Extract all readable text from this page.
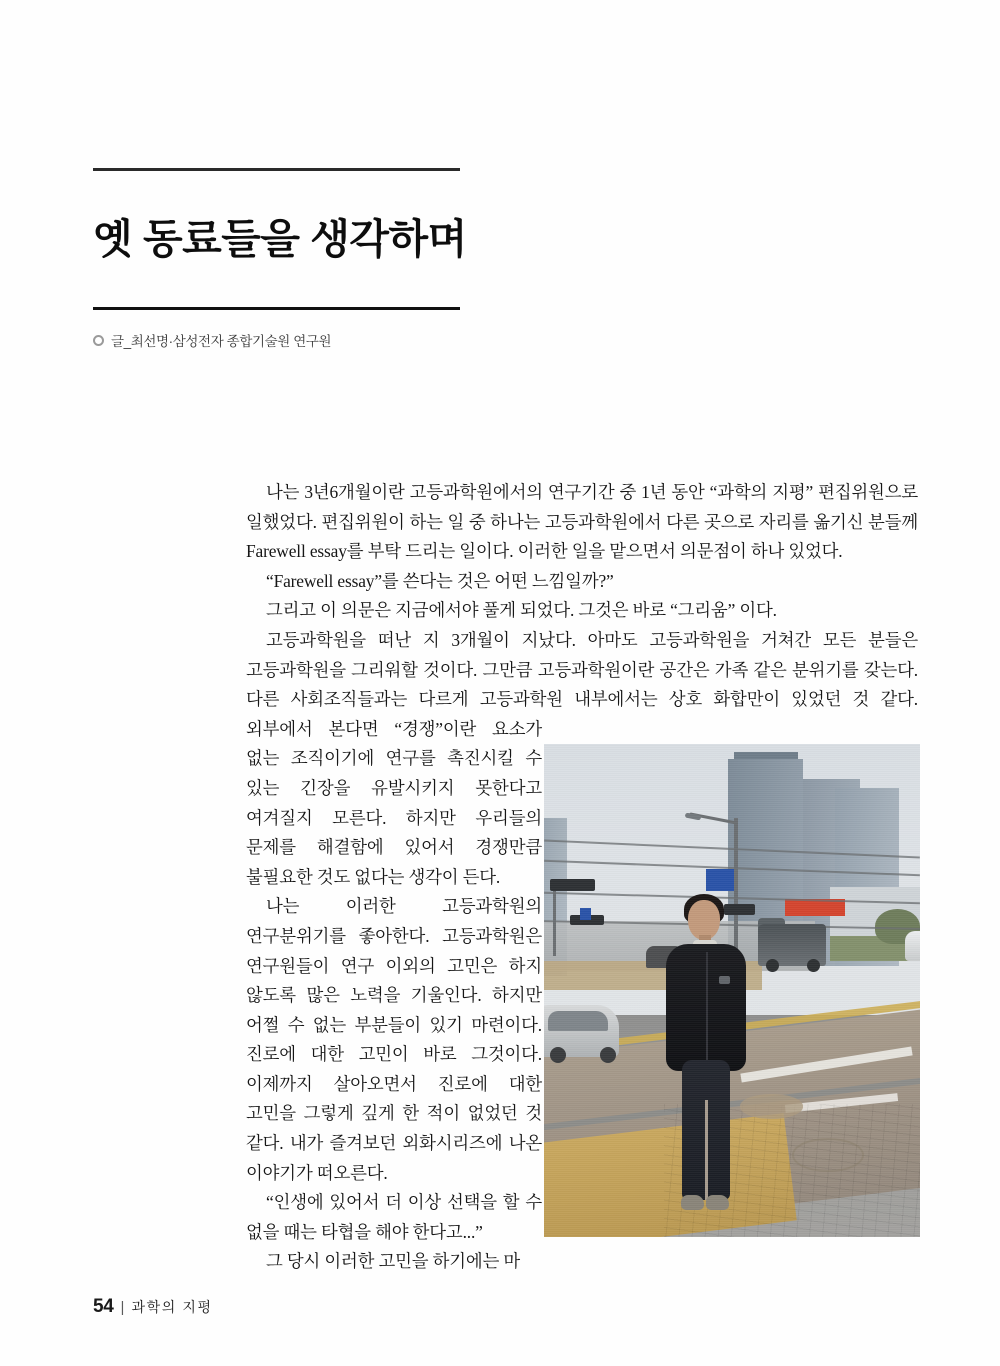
옛 동료들을 생각하며
글_최선명·삼성전자 종합기술원 연구원

나는 3년6개월이란 고등과학원에서의 연구기간 중 1년 동안 “과학의 지평” 편집위원으로 일했었다. 편집위원이 하는 일 중 하나는 고등과학원에서 다른 곳으로 자리를 옮기신 분들께 Farewell essay를 부탁 드리는 일이다. 이러한 일을 맡으면서 의문점이 하나 있었다.

“Farewell essay”를 쓴다는 것은 어떤 느낌일까?”

그리고 이 의문은 지금에서야 풀게 되었다. 그것은 바로 “그리움” 이다.

고등과학원을 떠난 지 3개월이 지났다. 아마도 고등과학원을 거쳐간 모든 분들은 고등과학원을 그리워할 것이다. 그만큼 고등과학원이란 공간은 가족 같은 분위기를 갖는다. 다른 사회조직들과는 다르게 고등과학원 내부에서는 상호 화합만이 있었던 것 같다. 외부에서 본다면 “경쟁”이란 요소가 없는 조직이기에 연구를 촉진시킬 수 있는 긴장을 유발시키지 못한다고 여겨질지 모른다. 하지만 우리들의 문제를 해결함에 있어서 경쟁만큼 불필요한 것도 없다는 생각이 든다.

나는 이러한 고등과학원의 연구분위기를 좋아한다. 고등과학원은 연구원들이 연구 이외의 고민은 하지 않도록 많은 노력을 기울인다. 하지만 어쩔 수 없는 부분들이 있기 마련이다. 진로에 대한 고민이 바로 그것이다. 이제까지 살아오면서 진로에 대한 고민을 그렇게 깊게 한 적이 없었던 것 같다. 내가 즐겨보던 외화시리즈에 나온 이야기가 떠오른다.

“인생에 있어서 더 이상 선택을 할 수 없을 때는 타협을 해야 한다고...”

그 당시 이러한 고민을 하기에는 마

54 | 과학의 지평
